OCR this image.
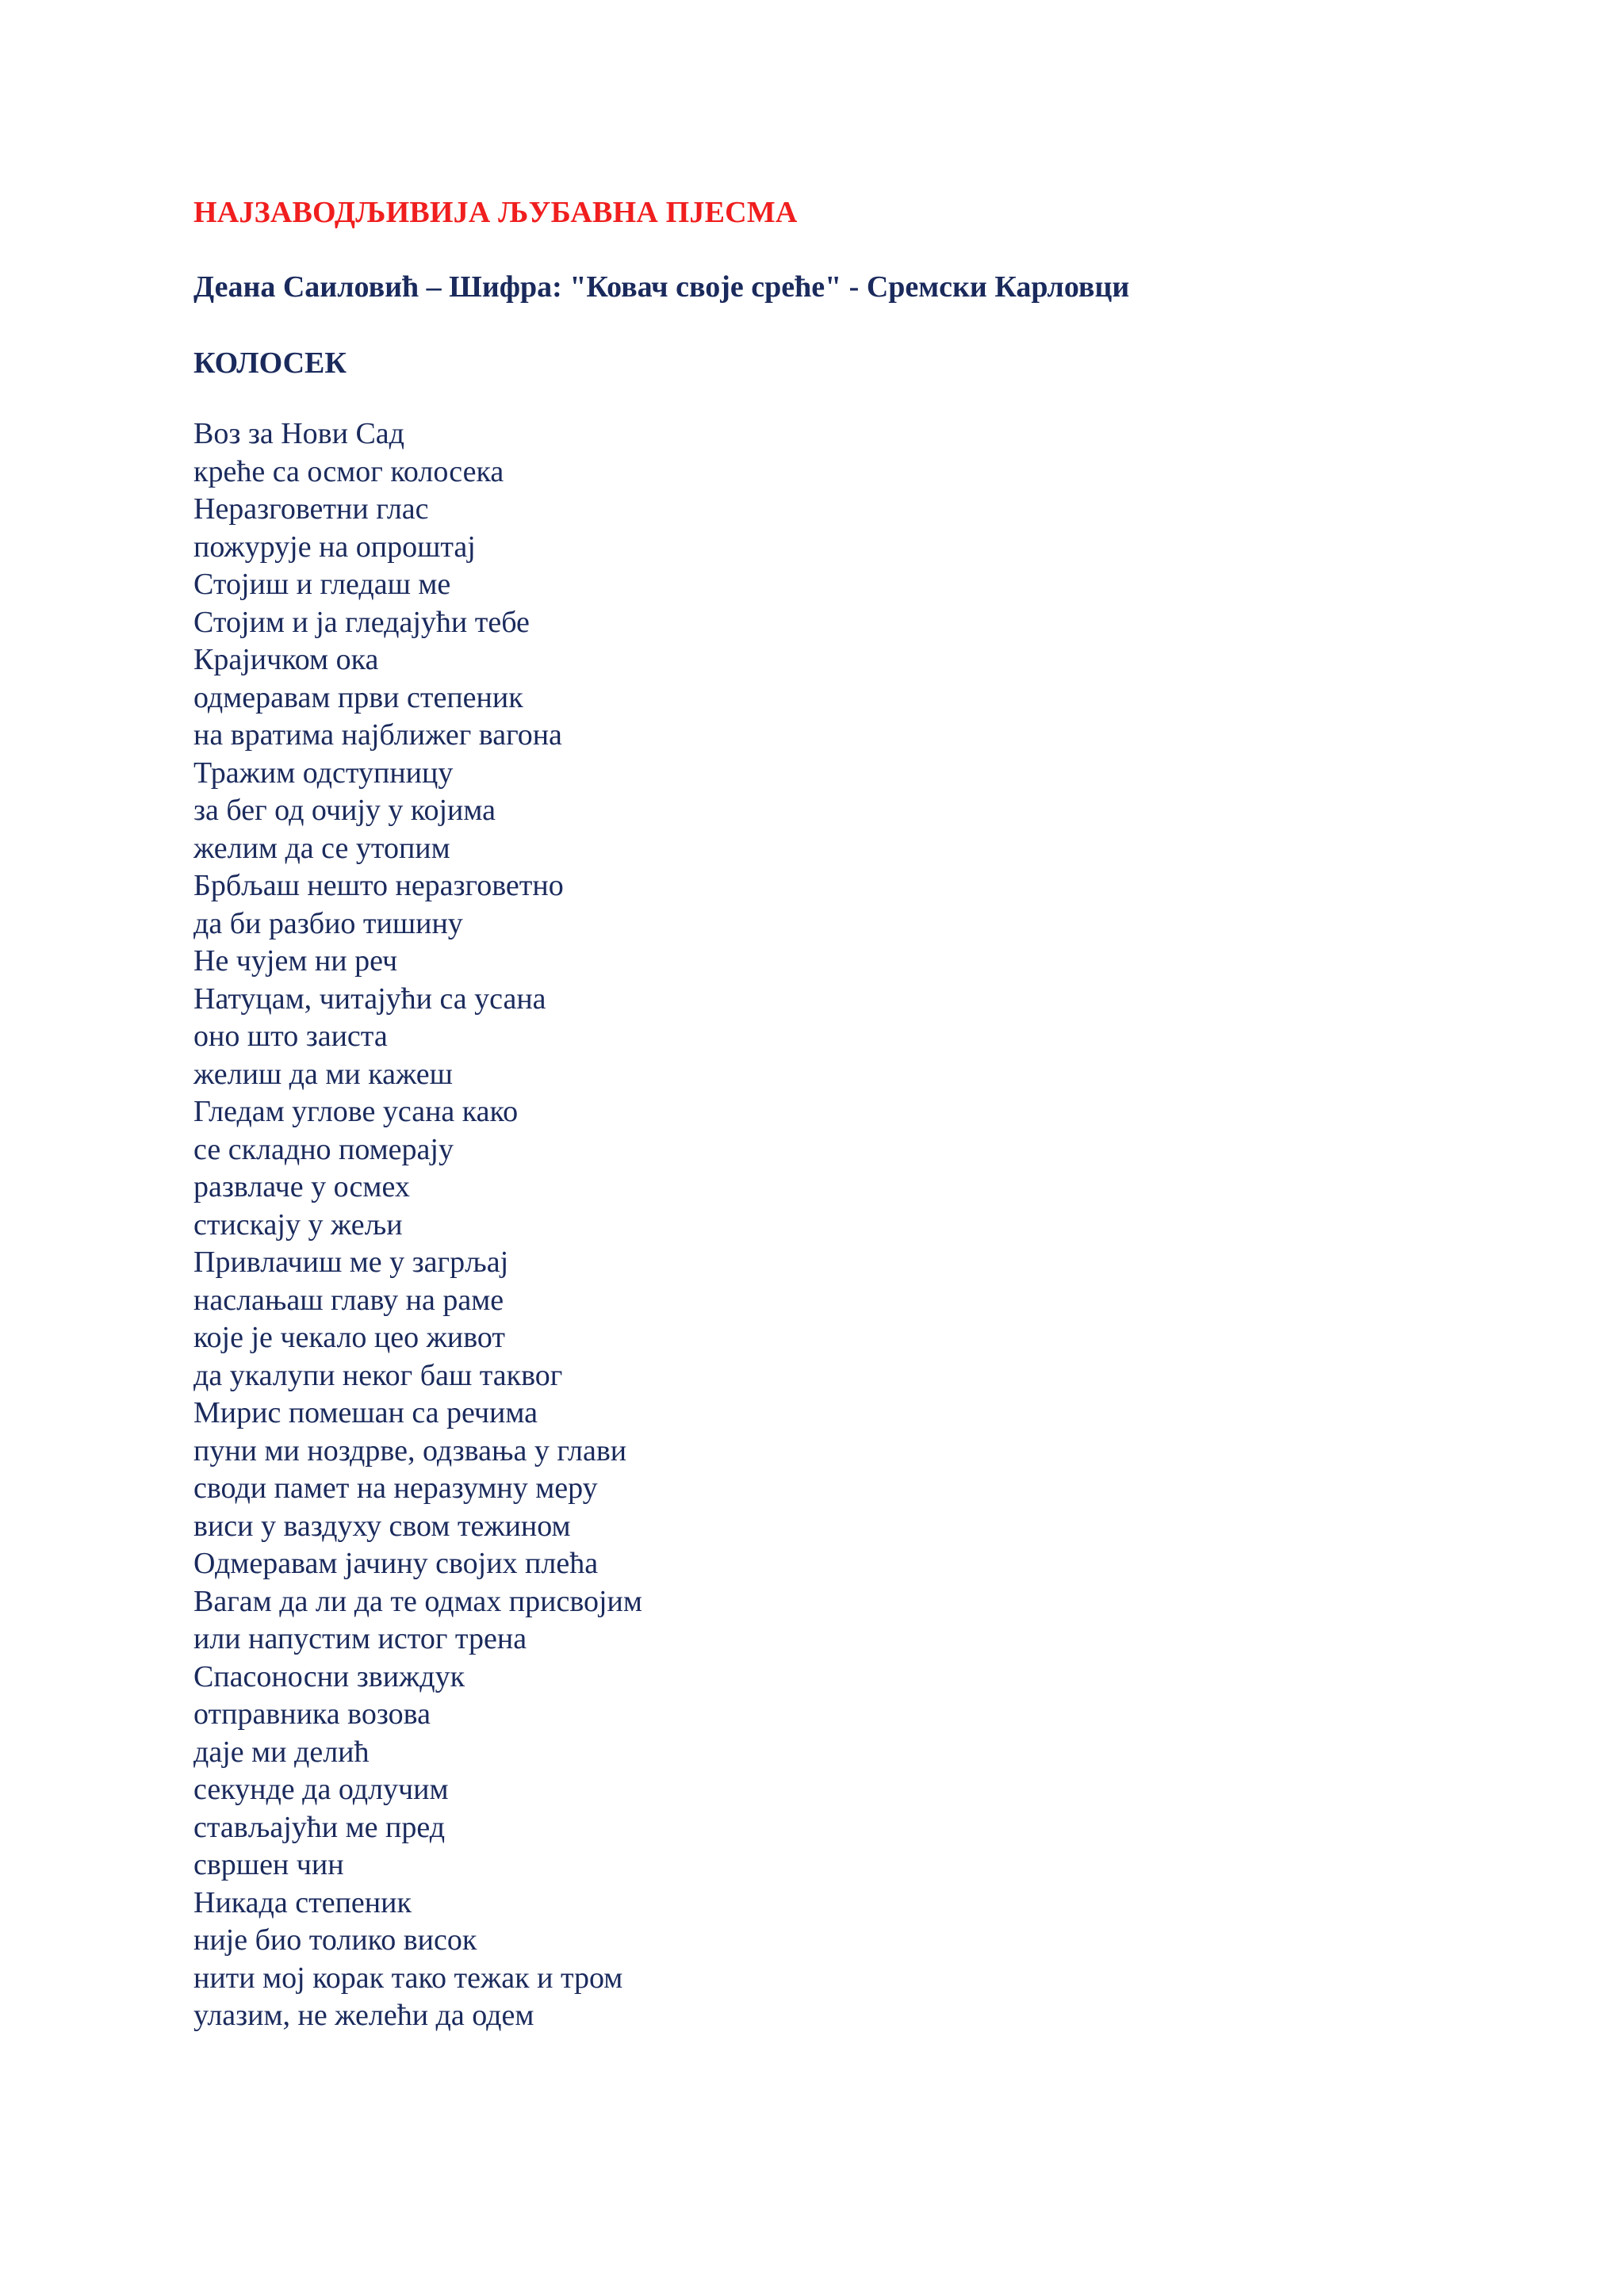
НАЈЗАВОДЉИВИЈА ЉУБАВНА ПЈЕСМА
Деана Саиловић – Шифра: "Ковач своје среће" - Сремски Карловци
КОЛОСЕК
Воз за Нови Сад
креће са осмог колосека
Неразговетни глас
пожурује на опроштај
Стојиш и гледаш ме
Стојим и ја гледајући тебе
Крајичком ока
одмеравам први степеник
на вратима најближег вагона
Тражим одступницу
за бег од очију у којима
желим да се утопим
Брбљаш нешто неразговетно
да би разбио тишину
Не чујем ни реч
Натуцам, читајући са усана
оно што заиста
желиш да ми кажеш
Гледам углове усана како
се складно померају
развлаче у осмех
стискају у жељи
Привлачиш ме у загрљај
наслањаш главу на раме
које је чекало цео живот
да укалупи неког баш таквог
Мирис помешан са речима
пуни ми ноздрве, одзвања у глави
своди памет на неразумну меру
виси у ваздуху свом тежином
Одмеравам јачину својих плећа
Вагам да ли да те одмах присвојим
или напустим истог трена
Спасоносни звиждук
отправника возова
даје ми делић
секунде да одлучим
стављајући ме пред
свршен чин
Никада степеник
није био толико висок
нити мој корак тако тежак и тром
улазим, не желећи да одем
